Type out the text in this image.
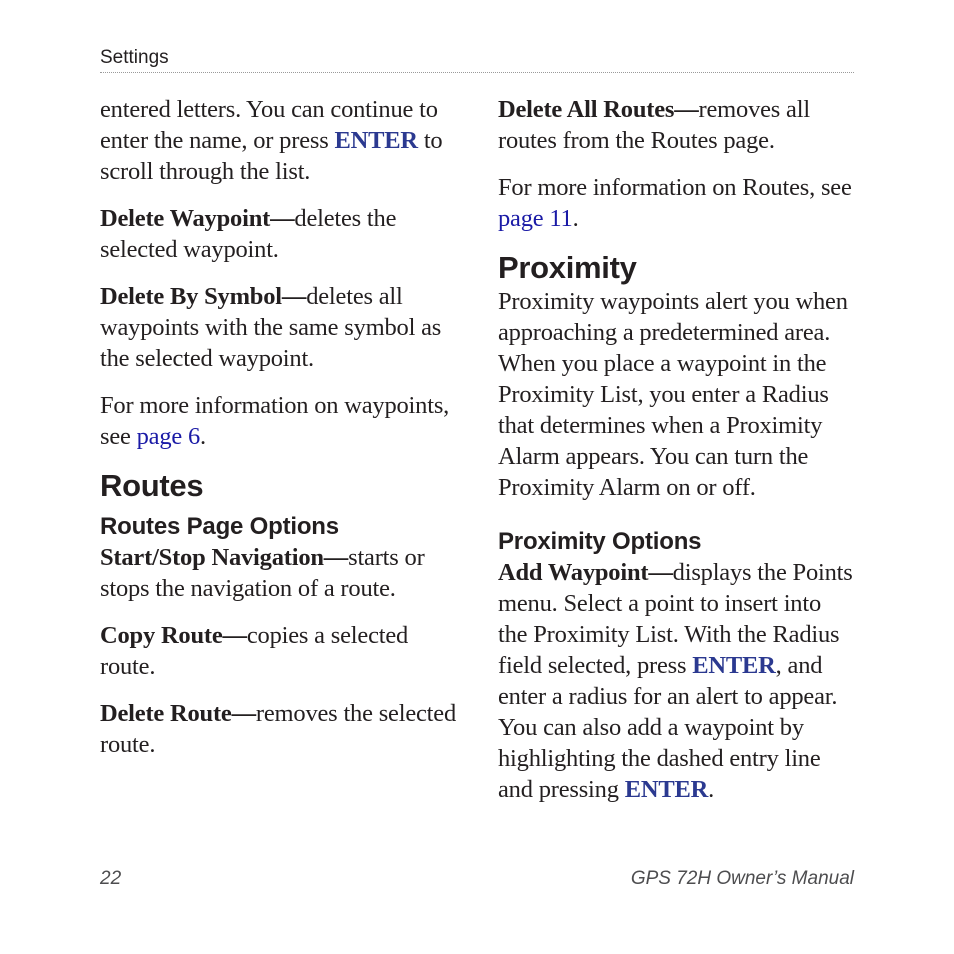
Settings

entered letters. You can continue to enter the name, or press ENTER to scroll through the list.

Delete Waypoint—deletes the selected waypoint.

Delete By Symbol—deletes all waypoints with the same symbol as the selected waypoint.

For more information on waypoints, see page 6.

Routes
Routes Page Options

Start/Stop Navigation—starts or stops the navigation of a route.

Copy Route—copies a selected route.

Delete Route—removes the selected route.

Delete All Routes—removes all routes from the Routes page.

For more information on Routes, see page 11.

Proximity

Proximity waypoints alert you when approaching a predetermined area. When you place a waypoint in the Proximity List, you enter a Radius that determines when a Proximity Alarm appears. You can turn the Proximity Alarm on or off.

Proximity Options

Add Waypoint—displays the Points menu. Select a point to insert into the Proximity List. With the Radius field selected, press ENTER, and enter a radius for an alert to appear. You can also add a waypoint by highlighting the dashed entry line and pressing ENTER.

22	GPS 72H Owner’s Manual
